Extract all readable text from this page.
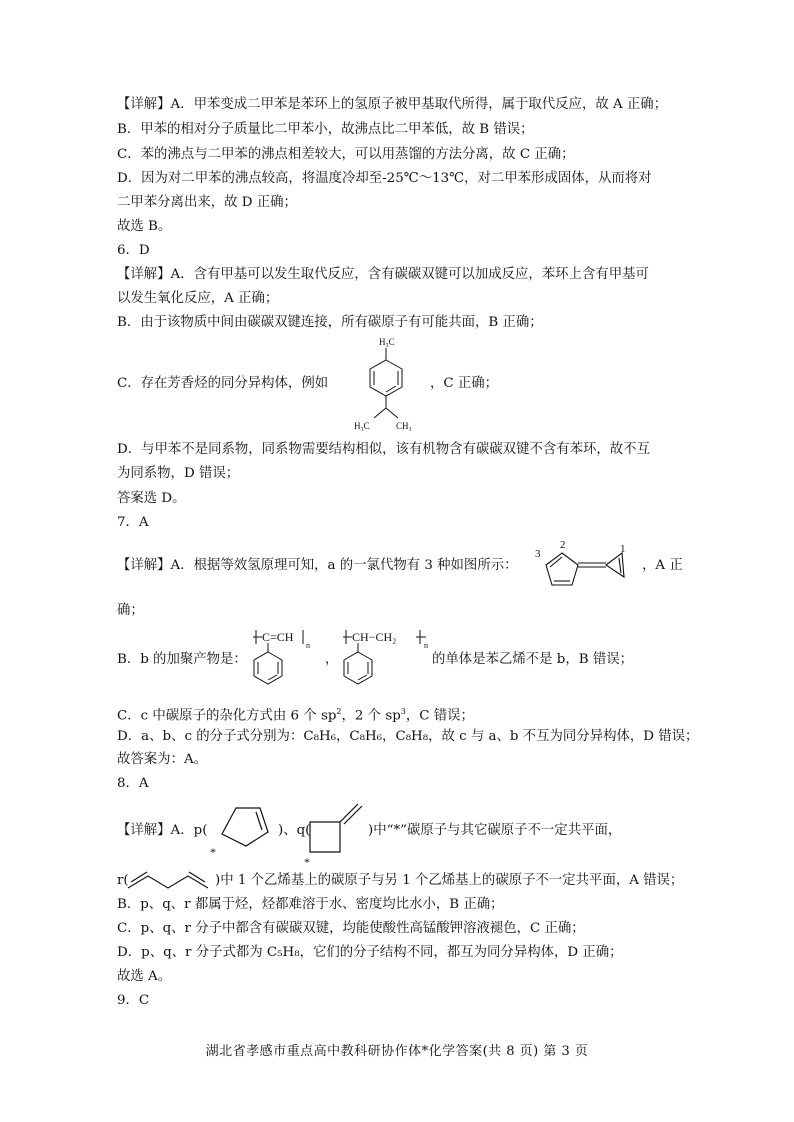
【详解】A．甲苯变成二甲苯是苯环上的氢原子被甲基取代所得，属于取代反应，故 A 正确；
B．甲苯的相对分子质量比二甲苯小，故沸点比二甲苯低，故 B 错误；
C．苯的沸点与二甲苯的沸点相差较大，可以用蒸馏的方法分离，故 C 正确；
D．因为对二甲苯的沸点较高，将温度冷却至-25℃～13℃，对二甲苯形成固体，从而将对
二甲苯分离出来，故 D 正确；
故选 B。
6．D
【详解】A．含有甲基可以发生取代反应，含有碳碳双键可以加成反应，苯环上含有甲基可
以发生氧化反应，A 正确；
B．由于该物质中间由碳碳双键连接，所有碳原子有可能共面，B 正确；
C．存在芳香烃的同分异构体，例如
H₃C
H₃C	CH₃
，C 正确；
D．与甲苯不是同系物，同系物需要结构相似，该有机物含有碳碳双键不含有苯环，故不互
为同系物，D 错误；
答案选 D。
7．A
【详解】A．根据等效氢原理可知，a 的一氯代物有 3 种如图所示：
3
2	1
，A 正
确；
B．b 的加聚产物是：
C=CH
n
，
CH−CH₂
n
的单体是苯乙烯不是 b，B 错误；
C．c 中碳原子的杂化方式由 6 个 $sp^2$，2 个 $sp^3$，C 错误；
D．a、b、c 的分子式分别为：C₈H₆，C₈H₆，C₈H₈，故 c 与 a、b 不互为同分异构体，D 错误；
故答案为：A。
8．A
【详解】A．p(
*
)、q(
*
)中“*”碳原子与其它碳原子不一定共平面，
r(	)中 1 个乙烯基上的碳原子与另 1 个乙烯基上的碳原子不一定共平面，A 错误；
B．p、q、r 都属于烃，烃都难溶于水、密度均比水小，B 正确；
C．p、q、r 分子中都含有碳碳双键，均能使酸性高锰酸钾溶液褪色，C 正确；
D．p、q、r 分子式都为 C₅H₈，它们的分子结构不同，都互为同分异构体，D 正确；
故选 A。
9．C
湖北省孝感市重点高中教科研协作体*化学答案(共 8 页) 第 3 页
